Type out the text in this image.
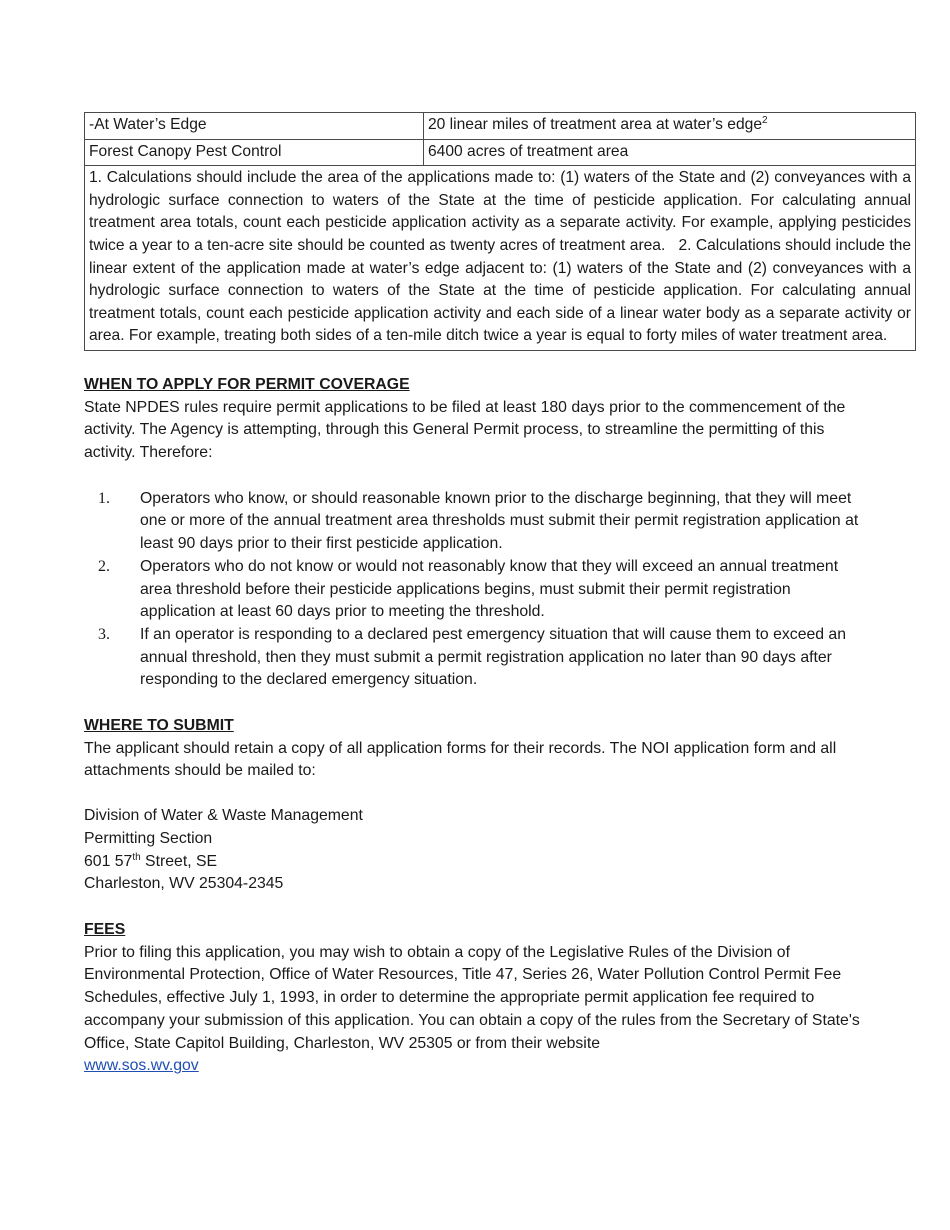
-At Water’s Edge	20 linear miles of treatment area at water’s edge$^2$
Forest Canopy Pest Control	6400 acres of treatment area

1. Calculations should include the area of the applications made to: (1) waters of the State and (2) conveyances with a hydrologic surface connection to waters of the State at the time of pesticide application. For calculating annual treatment area totals, count each pesticide application activity as a separate activity. For example, applying pesticides twice a year to a ten-acre site should be counted as twenty acres of treatment area.

2. Calculations should include the linear extent of the application made at water’s edge adjacent to: (1) waters of the State and (2) conveyances with a hydrologic surface connection to waters of the State at the time of pesticide application. For calculating annual treatment totals, count each pesticide application activity and each side of a linear water body as a separate activity or area. For example, treating both sides of a ten-mile ditch twice a year is equal to forty miles of water treatment area.	

WHEN TO APPLY FOR PERMIT COVERAGE

State NPDES rules require permit applications to be filed at least 180 days prior to the commencement of the activity. The Agency is attempting, through this General Permit process, to streamline the permitting of this activity. Therefore:

1.	Operators who know, or should reasonable known prior to the discharge beginning, that they will meet one or more of the annual treatment area thresholds must submit their permit registration application at least 90 days prior to their first pesticide application.
2.	Operators who do not know or would not reasonably know that they will exceed an annual treatment area threshold before their pesticide applications begins, must submit their permit registration application at least 60 days prior to meeting the threshold.
3.	If an operator is responding to a declared pest emergency situation that will cause them to exceed an annual threshold, then they must submit a permit registration application no later than 90 days after responding to the declared emergency situation.
WHERE TO SUBMIT

The applicant should retain a copy of all application forms for their records. The NOI application form and all attachments should be mailed to:

Division of Water & Waste Management
Permitting Section
601 57th Street, SE
Charleston, WV 25304-2345
FEES

Prior to filing this application, you may wish to obtain a copy of the Legislative Rules of the Division of Environmental Protection, Office of Water Resources, Title 47, Series 26, Water Pollution Control Permit Fee Schedules, effective July 1, 1993, in order to determine the appropriate permit application fee required to accompany your submission of this application. You can obtain a copy of the rules from the Secretary of State's Office, State Capitol Building, Charleston, WV 25305 or from their website
www.sos.wv.gov
